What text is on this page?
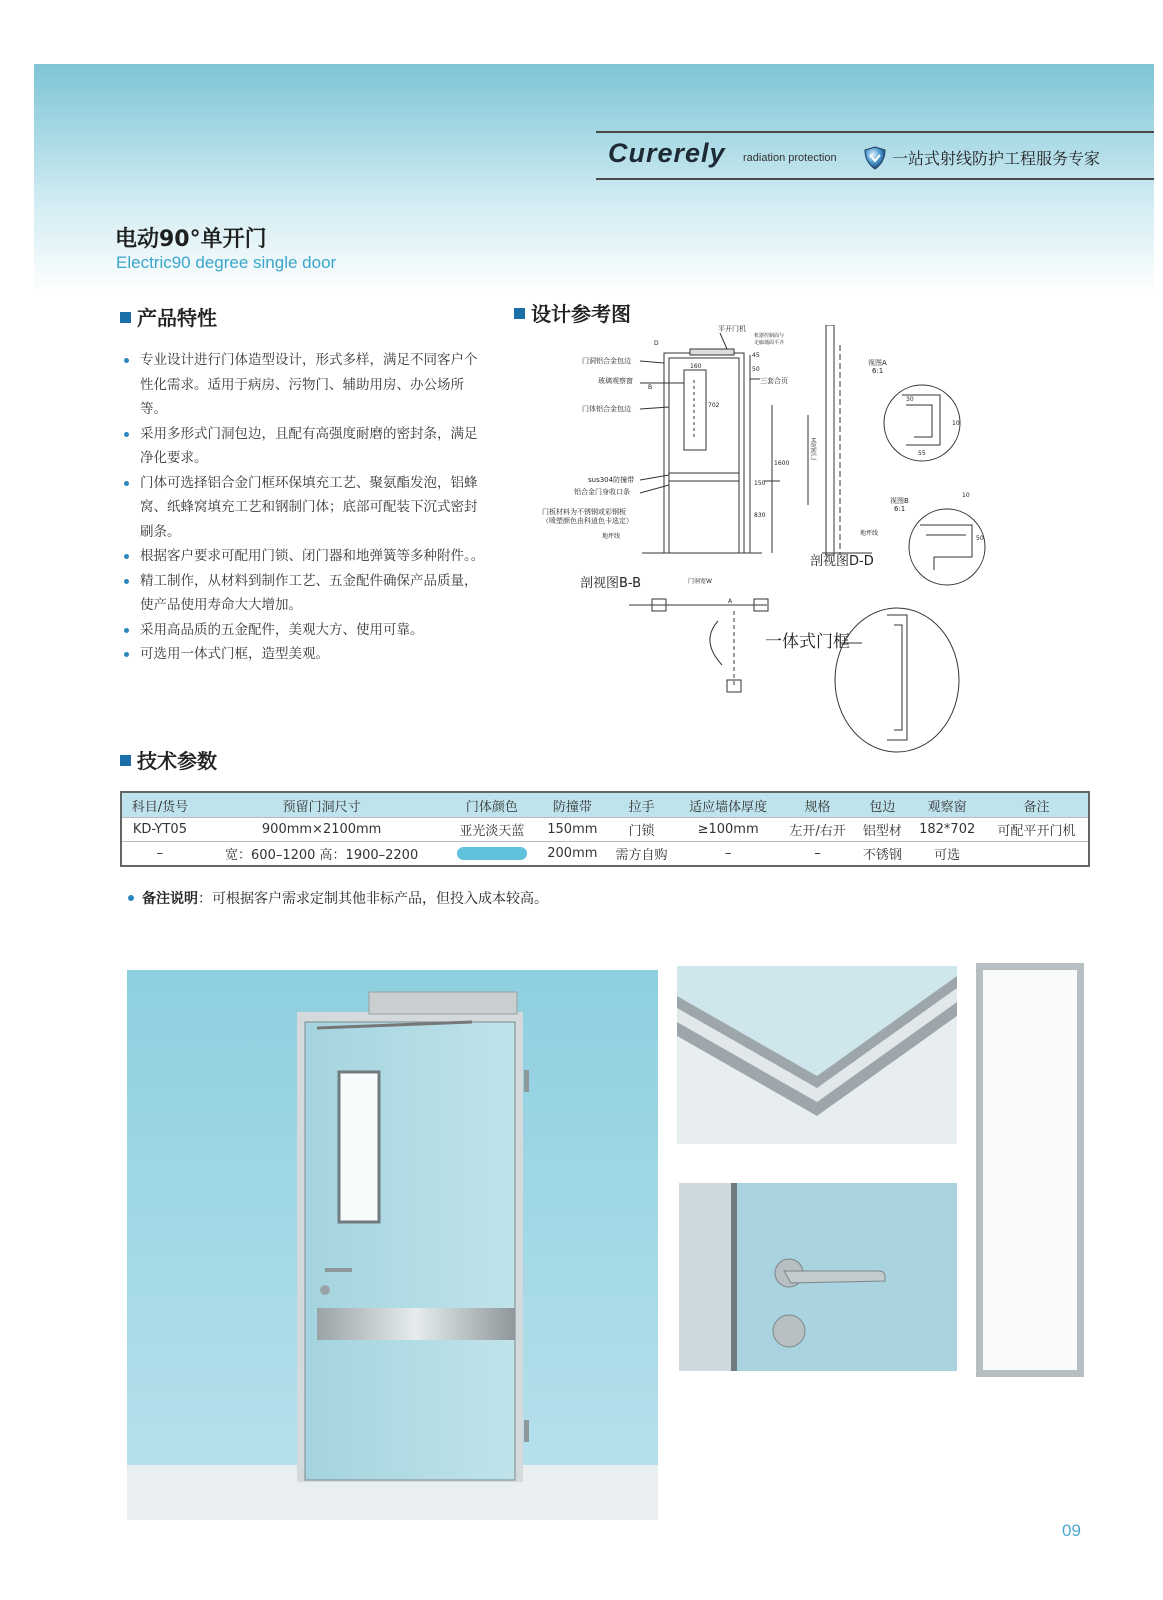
Curerely radiation protection	一站式射线防护工程服务专家
电动90°单开门
Electric90 degree single door
产品特性
专业设计进行门体造型设计，形式多样，满足不同客户个性化需求。适用于病房、污物门、辅助用房、办公场所等。
采用多形式门洞包边，且配有高强度耐磨的密封条，满足净化要求。
门体可选择铝合金门框环保填充工艺、聚氨酯发泡，铝蜂窝、纸蜂窝填充工艺和钢制门体；底部可配装下沉式密封刷条。
根据客户要求可配用门锁、闭门器和地弹簧等多种附件。。
精工制作，从材料到制作工艺、五金配件确保产品质量，使产品使用寿命大大增加。
采用高品质的五金配件，美观大方、使用可靠。
可选用一体式门框，造型美观。
设计参考图
平开门机
机器控制面与
走廊墙面平齐
门洞铝合金包边
玻璃观察窗
门体铝合金包边
三套合页
sus304防撞带
铝合金门身收口条
门板材料为不锈钢或彩钢板
（喷塑颜色由科逍色卡选定）
地坪线	地坪线
视图A
6:1
视图B
6:1
门洞宽W
门洞高H
160
702
45
50
1600
150
830
30
55
10
10
50
D
B
A
剖视图B-B
剖视图D-D
一体式门框
技术参数
科目/货号	预留门洞尺寸	门体颜色	防撞带	拉手	适应墙体厚度	规格	包边	观察窗	备注
KD-YT05	900mm×2100mm	亚光淡天蓝	150mm	门锁	≥100mm	左开/右开	铝型材	182*702	可配平开门机
–	宽：600–1200 高：1900–2200		200mm	需方自购	–	–	不锈钢	可选	
备注说明：可根据客户需求定制其他非标产品，但投入成本较高。
09
